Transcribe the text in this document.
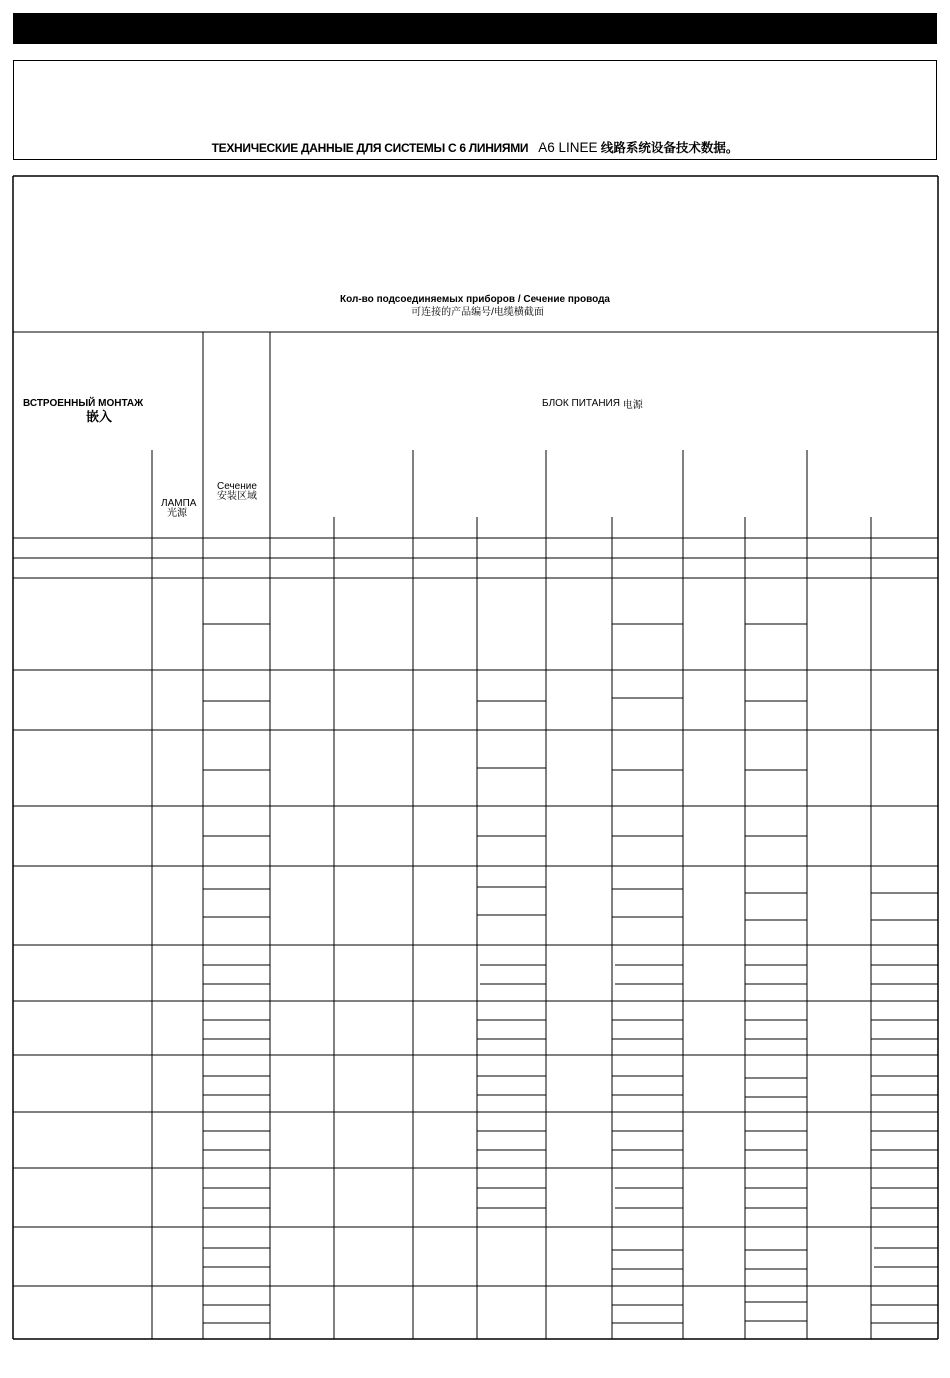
ТЕХНИЧЕСКИЕ ДАННЫЕ ДЛЯ СИСТЕМЫ С 6 ЛИНИЯМИ A6 LINEE 线路系统设备技术数据。
Кол-во подсоединяемых приборов / Сечение провода
可连接的产品编号/电缆横截面
ВСТРОЕННЫЙ МОНТАЖ
嵌入
БЛОК ПИТАНИЯ 电源
ЛАМПА
光源
Сечение
安装区域
